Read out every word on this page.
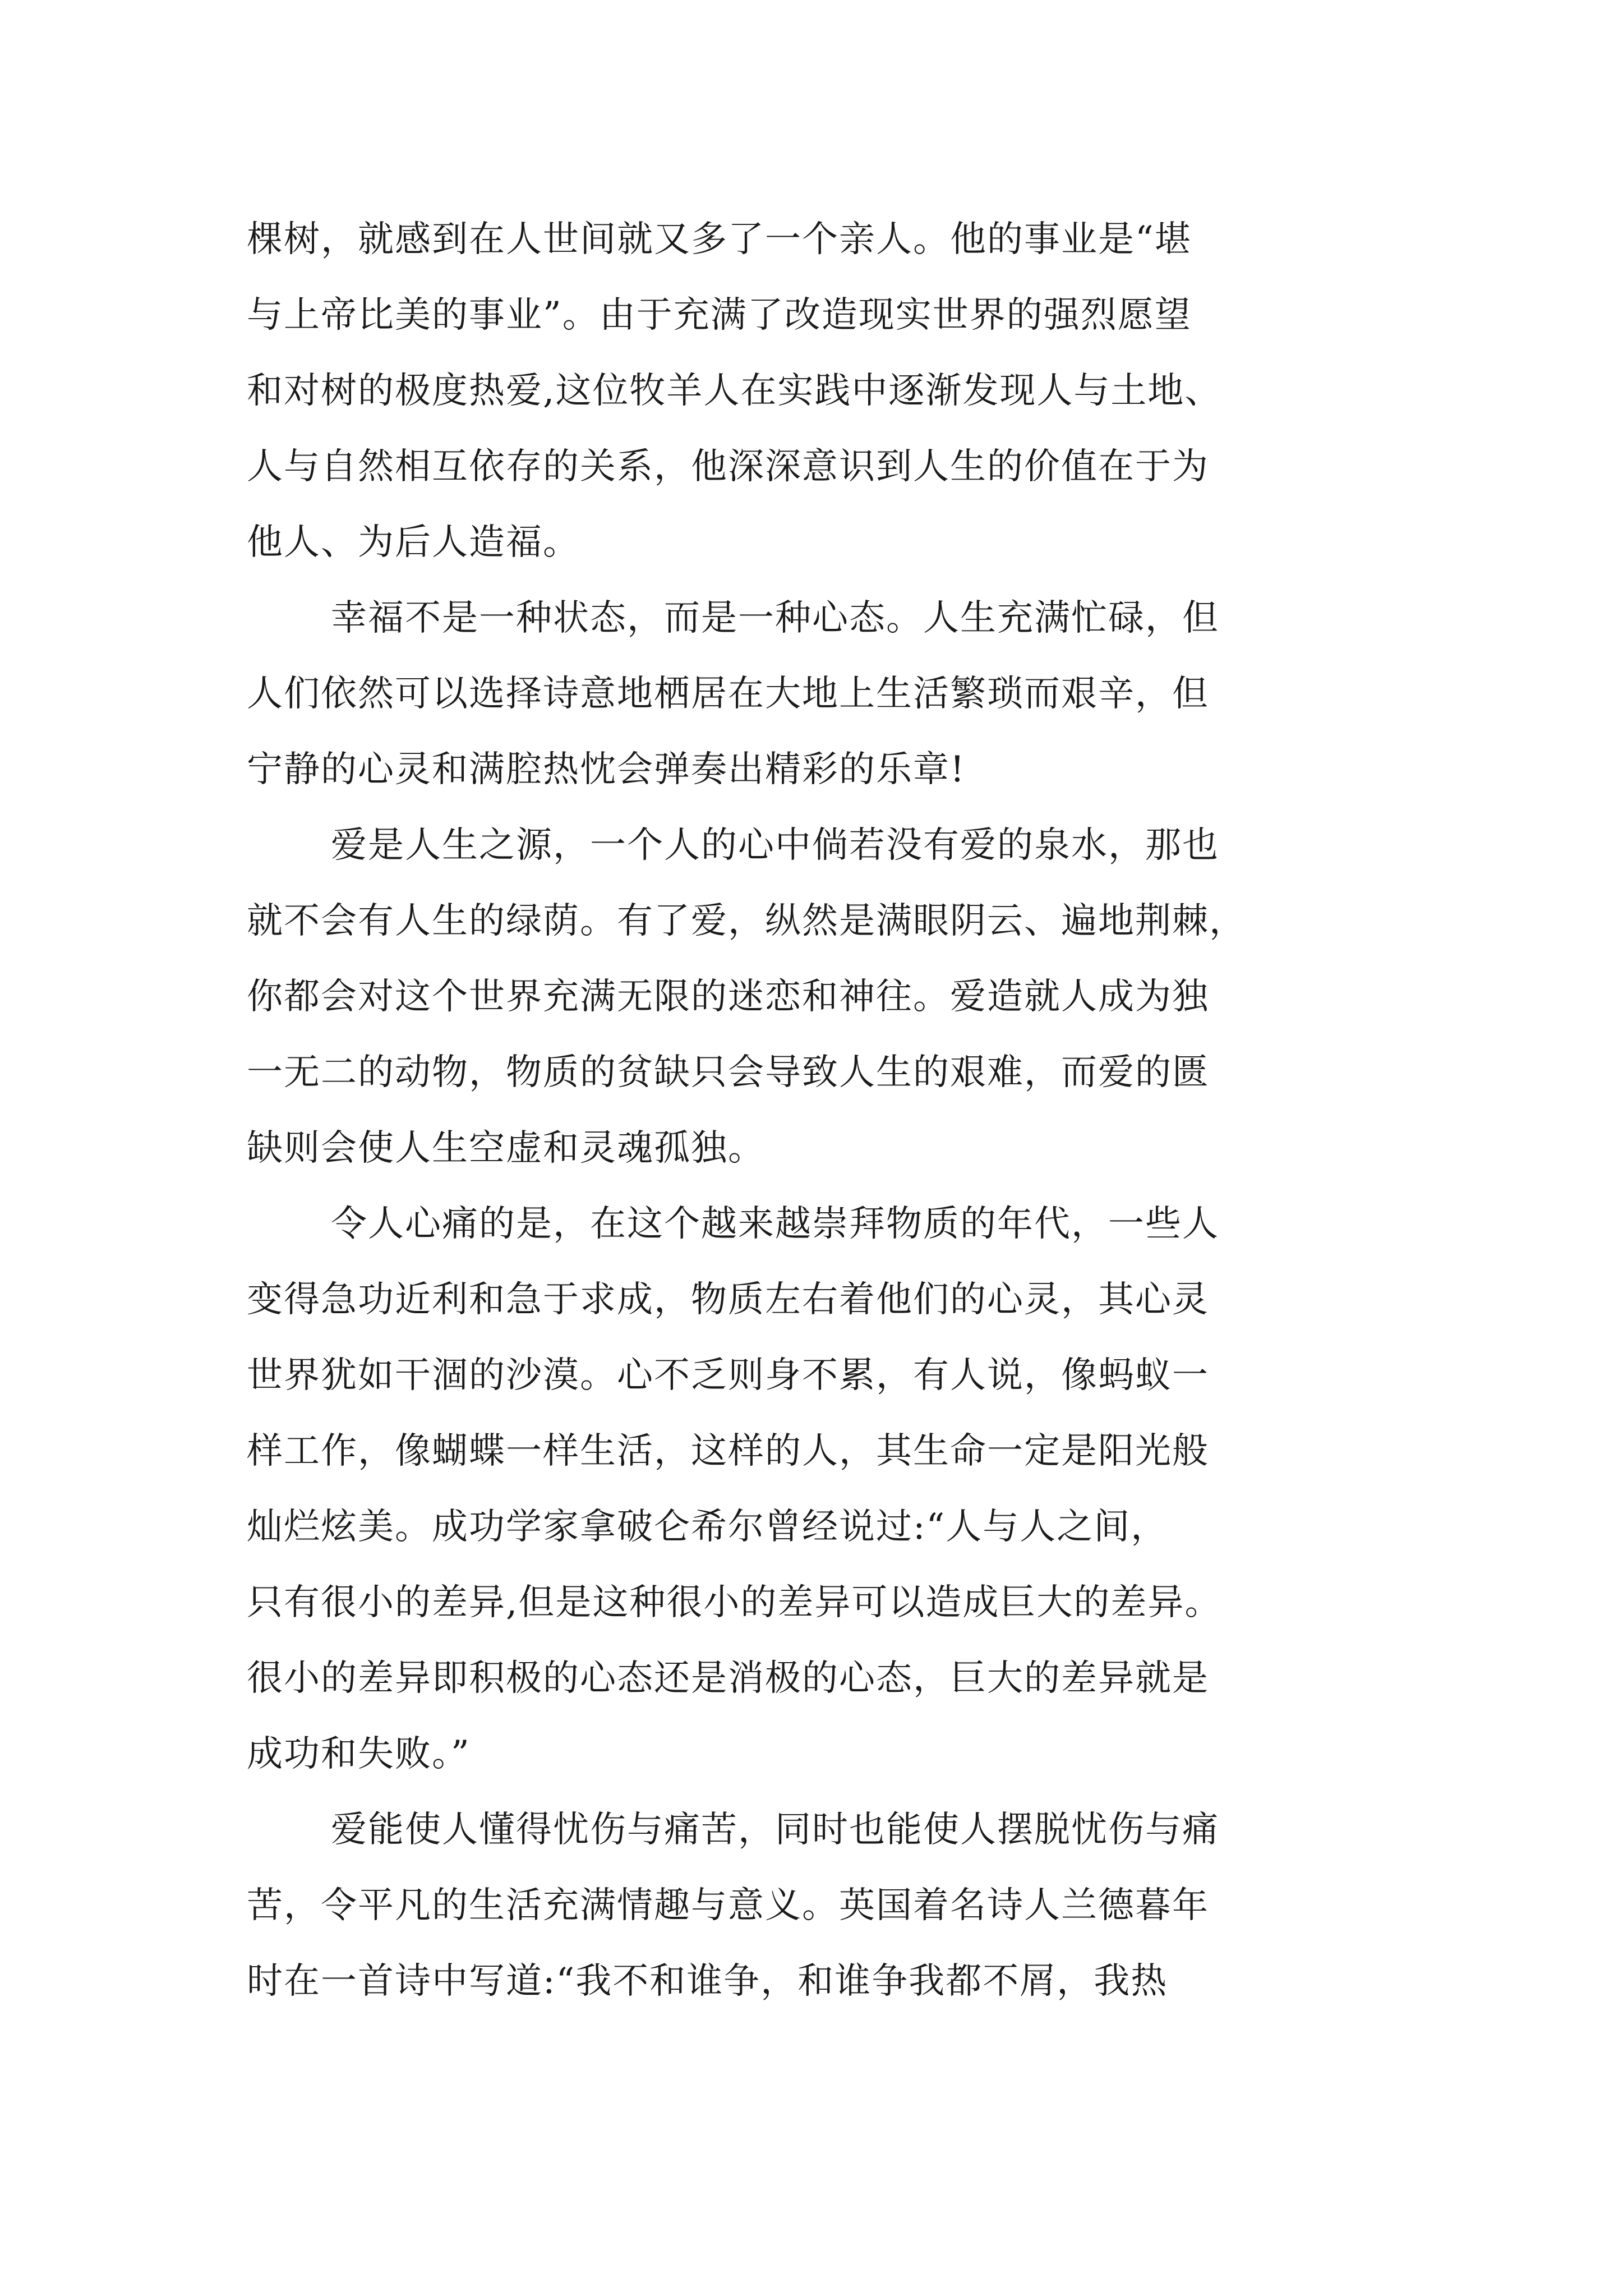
棵树，就感到在人世间就又多了一个亲人。他的事业是“堪
与上帝比美的事业”。由于充满了改造现实世界的强烈愿望
和对树的极度热爱,这位牧羊人在实践中逐渐发现人与土地、
人与自然相互依存的关系，他深深意识到人生的价值在于为
他人、为后人造福。
幸福不是一种状态，而是一种心态。人生充满忙碌，但
人们依然可以选择诗意地栖居在大地上生活繁琐而艰辛，但
宁静的心灵和满腔热忱会弹奏出精彩的乐章!
爱是人生之源，一个人的心中倘若没有爱的泉水，那也
就不会有人生的绿荫。有了爱，纵然是满眼阴云、遍地荆棘，
你都会对这个世界充满无限的迷恋和神往。爱造就人成为独
一无二的动物，物质的贫缺只会导致人生的艰难，而爱的匮
缺则会使人生空虚和灵魂孤独。
令人心痛的是，在这个越来越崇拜物质的年代，一些人
变得急功近利和急于求成，物质左右着他们的心灵，其心灵
世界犹如干涸的沙漠。心不乏则身不累，有人说，像蚂蚁一
样工作，像蝴蝶一样生活，这样的人，其生命一定是阳光般
灿烂炫美。成功学家拿破仑希尔曾经说过:“人与人之间，
只有很小的差异,但是这种很小的差异可以造成巨大的差异。
很小的差异即积极的心态还是消极的心态，巨大的差异就是
成功和失败。”
爱能使人懂得忧伤与痛苦，同时也能使人摆脱忧伤与痛
苦，令平凡的生活充满情趣与意义。英国着名诗人兰德暮年
时在一首诗中写道:“我不和谁争，和谁争我都不屑，我热
